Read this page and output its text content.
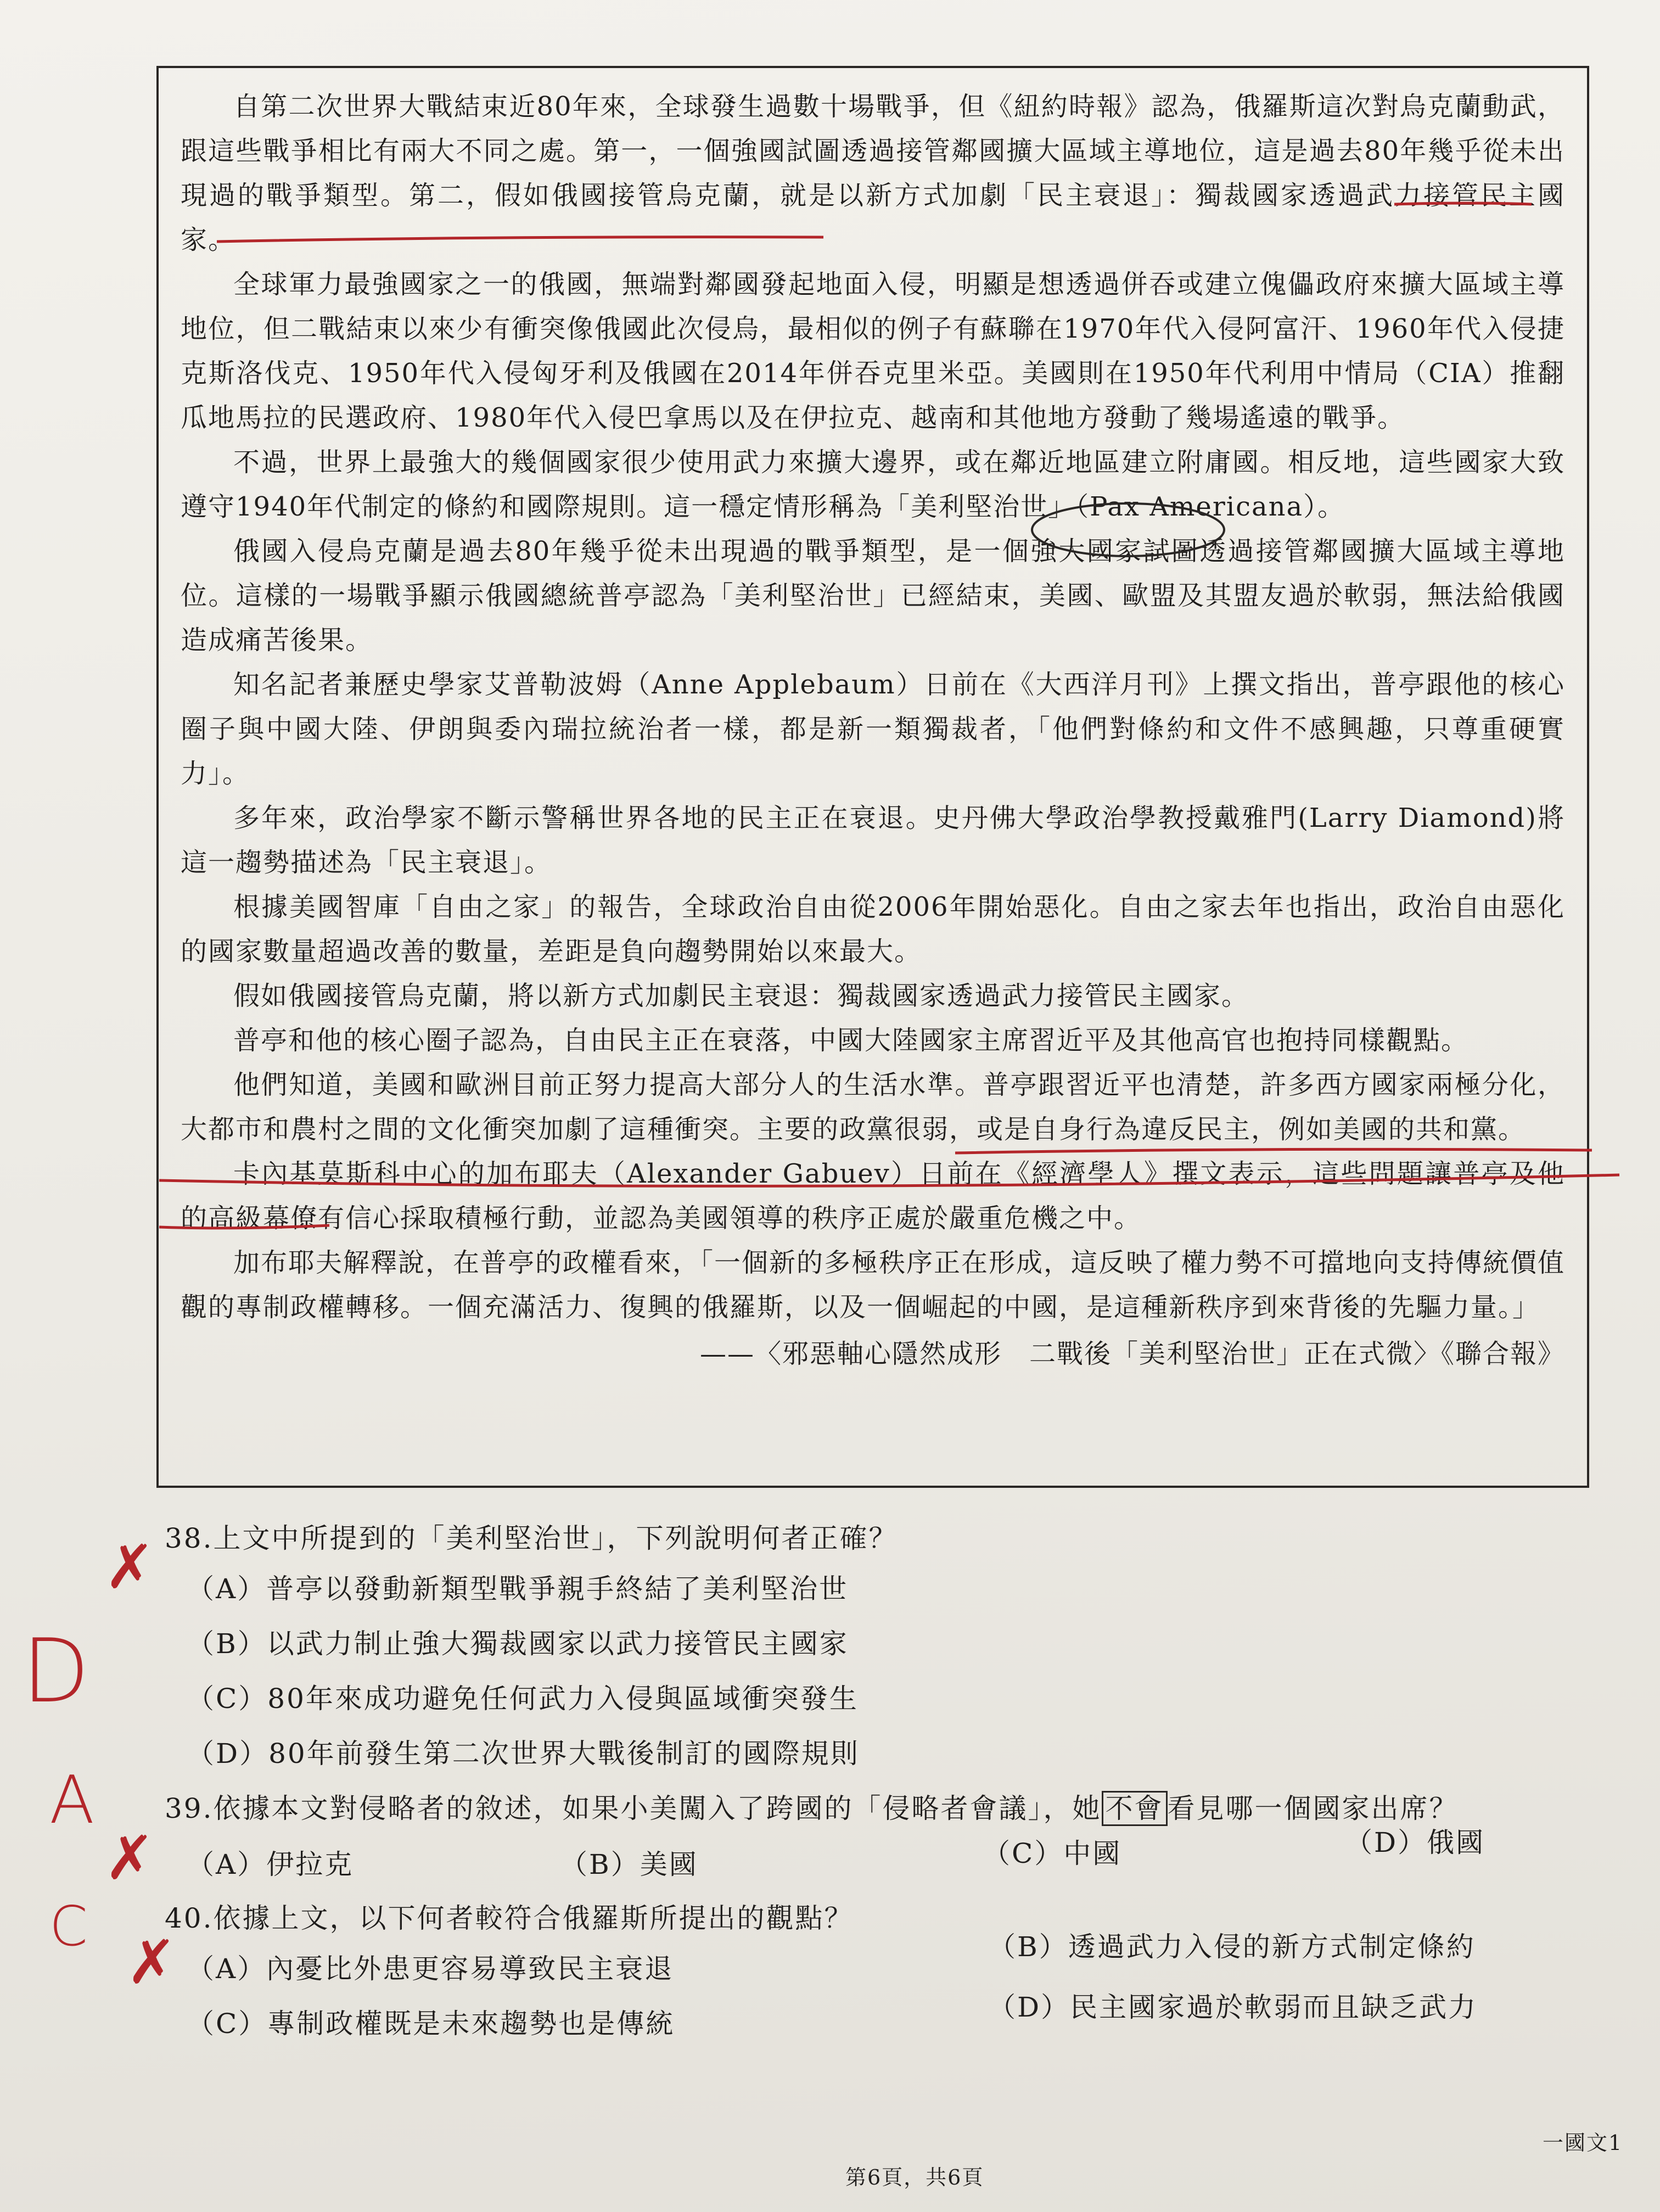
自第二次世界大戰結束近80年來，全球發生過數十場戰爭，但《紐約時報》認為，俄羅斯這次對烏克蘭動武，跟這些戰爭相比有兩大不同之處。第一，一個強國試圖透過接管鄰國擴大區域主導地位，這是過去80年幾乎從未出現過的戰爭類型。第二，假如俄國接管烏克蘭，就是以新方式加劇「民主衰退」：獨裁國家透過武力接管民主國家。

全球軍力最強國家之一的俄國，無端對鄰國發起地面入侵，明顯是想透過併吞或建立傀儡政府來擴大區域主導地位，但二戰結束以來少有衝突像俄國此次侵烏，最相似的例子有蘇聯在1970年代入侵阿富汗、1960年代入侵捷克斯洛伐克、1950年代入侵匈牙利及俄國在2014年併吞克里米亞。美國則在1950年代利用中情局（CIA）推翻瓜地馬拉的民選政府、1980年代入侵巴拿馬以及在伊拉克、越南和其他地方發動了幾場遙遠的戰爭。

不過，世界上最強大的幾個國家很少使用武力來擴大邊界，或在鄰近地區建立附庸國。相反地，這些國家大致遵守1940年代制定的條約和國際規則。這一穩定情形稱為「美利堅治世」（Pax Americana）。

俄國入侵烏克蘭是過去80年幾乎從未出現過的戰爭類型，是一個強大國家試圖透過接管鄰國擴大區域主導地位。這樣的一場戰爭顯示俄國總統普亭認為「美利堅治世」已經結束，美國、歐盟及其盟友過於軟弱，無法給俄國造成痛苦後果。

知名記者兼歷史學家艾普勒波姆（Anne Applebaum）日前在《大西洋月刊》上撰文指出，普亭跟他的核心圈子與中國大陸、伊朗與委內瑞拉統治者一樣，都是新一類獨裁者，「他們對條約和文件不感興趣，只尊重硬實力」。

多年來，政治學家不斷示警稱世界各地的民主正在衰退。史丹佛大學政治學教授戴雅門(Larry Diamond)將這一趨勢描述為「民主衰退」。

根據美國智庫「自由之家」的報告，全球政治自由從2006年開始惡化。自由之家去年也指出，政治自由惡化的國家數量超過改善的數量，差距是負向趨勢開始以來最大。

假如俄國接管烏克蘭，將以新方式加劇民主衰退：獨裁國家透過武力接管民主國家。

普亭和他的核心圈子認為，自由民主正在衰落，中國大陸國家主席習近平及其他高官也抱持同樣觀點。

他們知道，美國和歐洲目前正努力提高大部分人的生活水準。普亭跟習近平也清楚，許多西方國家兩極分化，大都市和農村之間的文化衝突加劇了這種衝突。主要的政黨很弱，或是自身行為違反民主，例如美國的共和黨。

卡內基莫斯科中心的加布耶夫（Alexander Gabuev）日前在《經濟學人》撰文表示，這些問題讓普亭及他的高級幕僚有信心採取積極行動，並認為美國領導的秩序正處於嚴重危機之中。

加布耶夫解釋說，在普亭的政權看來，「一個新的多極秩序正在形成，這反映了權力勢不可擋地向支持傳統價值觀的專制政權轉移。一個充滿活力、復興的俄羅斯，以及一個崛起的中國，是這種新秩序到來背後的先驅力量。」

——〈邪惡軸心隱然成形　二戰後「美利堅治世」正在式微〉《聯合報》

38.上文中所提到的「美利堅治世」，下列說明何者正確？

（A）普亭以發動新類型戰爭親手終結了美利堅治世

（B）以武力制止強大獨裁國家以武力接管民主國家

（C）80年來成功避免任何武力入侵與區域衝突發生

（D）80年前發生第二次世界大戰後制訂的國際規則

39.依據本文對侵略者的敘述，如果小美闖入了跨國的「侵略者會議」，她 不會 看見哪一個國家出席？

（A）伊拉克	（B）美國	（C）中國	（D）俄國

40.依據上文，以下何者較符合俄羅斯所提出的觀點？

（A）內憂比外患更容易導致民主衰退
（B）透過武力入侵的新方式制定條約
（C）專制政權既是未來趨勢也是傳統
（D）民主國家過於軟弱而且缺乏武力
第6頁，共6頁
一國文1
✗
D
A
✗
C
✗
